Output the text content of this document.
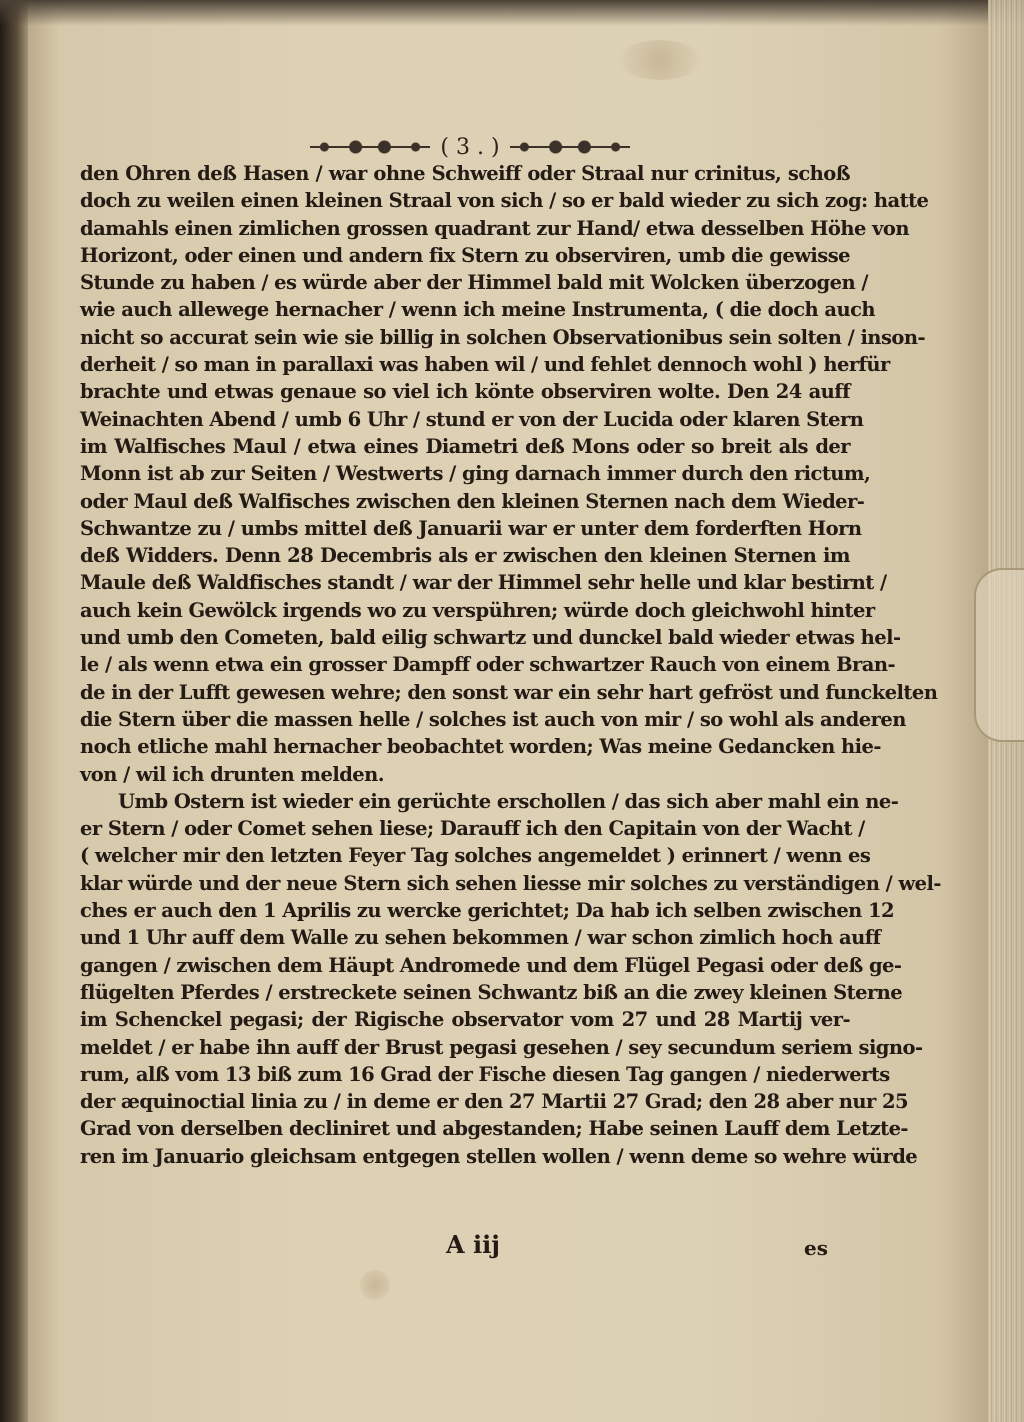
( 3 . )
den Ohren deß Hasen / war ohne Schweiff oder Straal nur crinitus, schoß
doch zu weilen einen kleinen Straal von sich / so er bald wieder zu sich zog: hatte
damahls einen zimlichen grossen quadrant zur Hand/ etwa desselben Höhe von
Horizont, oder einen und andern fix Stern zu observiren, umb die gewisse
Stunde zu haben / es würde aber der Himmel bald mit Wolcken überzogen /
wie auch allewege hernacher / wenn ich meine Instrumenta, ( die doch auch
nicht so accurat sein wie sie billig in solchen Observationibus sein solten / inson-
derheit / so man in parallaxi was haben wil / und fehlet dennoch wohl ) herfür
brachte und etwas genaue so viel ich könte observiren wolte. Den 24 auff
Weinachten Abend / umb 6 Uhr / stund er von der Lucida oder klaren Stern
im Walfisches Maul / etwa eines Diametri deß Mons oder so breit als der
Monn ist ab zur Seiten / Westwerts / ging darnach immer durch den rictum,
oder Maul deß Walfisches zwischen den kleinen Sternen nach dem Wieder-
Schwantze zu / umbs mittel deß Januarii war er unter dem forderften Horn
deß Widders. Denn 28 Decembris als er zwischen den kleinen Sternen im
Maule deß Waldfisches standt / war der Himmel sehr helle und klar bestirnt /
auch kein Gewölck irgends wo zu verspühren; würde doch gleichwohl hinter
und umb den Cometen, bald eilig schwartz und dunckel bald wieder etwas hel-
le / als wenn etwa ein grosser Dampff oder schwartzer Rauch von einem Bran-
de in der Lufft gewesen wehre; den sonst war ein sehr hart gefröst und funckelten
die Stern über die massen helle / solches ist auch von mir / so wohl als anderen
noch etliche mahl hernacher beobachtet worden; Was meine Gedancken hie-
von / wil ich drunten melden.
Umb Ostern ist wieder ein gerüchte erschollen / das sich aber mahl ein ne-
er Stern / oder Comet sehen liese; Darauff ich den Capitain von der Wacht /
( welcher mir den letzten Feyer Tag solches angemeldet ) erinnert / wenn es
klar würde und der neue Stern sich sehen liesse mir solches zu verständigen / wel-
ches er auch den 1 Aprilis zu wercke gerichtet; Da hab ich selben zwischen 12
und 1 Uhr auff dem Walle zu sehen bekommen / war schon zimlich hoch auff
gangen / zwischen dem Häupt Andromede und dem Flügel Pegasi oder deß ge-
flügelten Pferdes / erstreckete seinen Schwantz biß an die zwey kleinen Sterne
im Schenckel pegasi; der Rigische observator vom 27 und 28 Martij ver-
meldet / er habe ihn auff der Brust pegasi gesehen / sey secundum seriem signo-
rum, alß vom 13 biß zum 16 Grad der Fische diesen Tag gangen / niederwerts
der æquinoctial linia zu / in deme er den 27 Martii 27 Grad; den 28 aber nur 25
Grad von derselben decliniret und abgestanden; Habe seinen Lauff dem Letzte-
ren im Januario gleichsam entgegen stellen wollen / wenn deme so wehre würde
A iij	es
